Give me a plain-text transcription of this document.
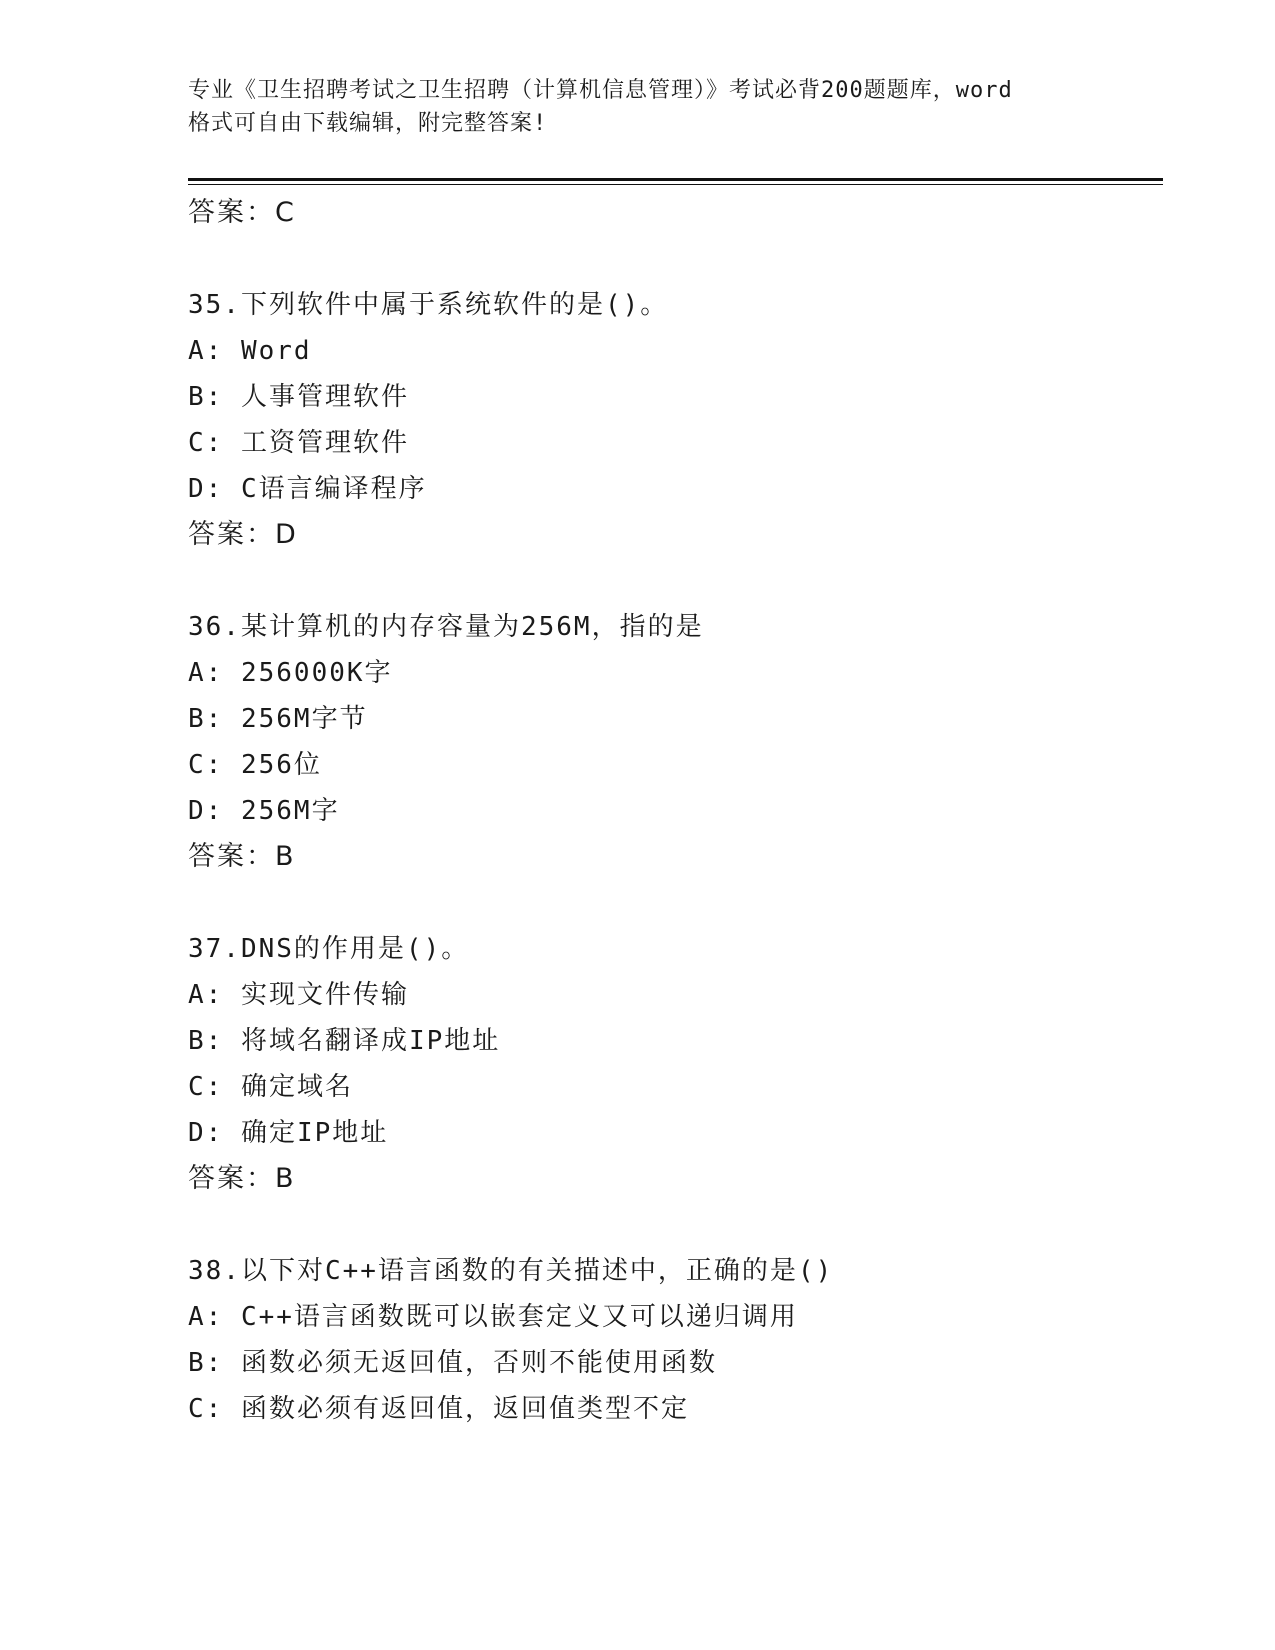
专业《卫生招聘考试之卫生招聘（计算机信息管理）》考试必背200题题库，word
格式可自由下载编辑，附完整答案!
答案：C
35.下列软件中属于系统软件的是()。
A: Word
B: 人事管理软件
C: 工资管理软件
D: C语言编译程序
答案：D
36.某计算机的内存容量为256M，指的是
A: 256000K字
B: 256M字节
C: 256位
D: 256M字
答案：B
37.DNS的作用是()。
A: 实现文件传输
B: 将域名翻译成IP地址
C: 确定域名
D: 确定IP地址
答案：B
38.以下对C++语言函数的有关描述中，正确的是()
A: C++语言函数既可以嵌套定义又可以递归调用
B: 函数必须无返回值，否则不能使用函数
C: 函数必须有返回值，返回值类型不定
